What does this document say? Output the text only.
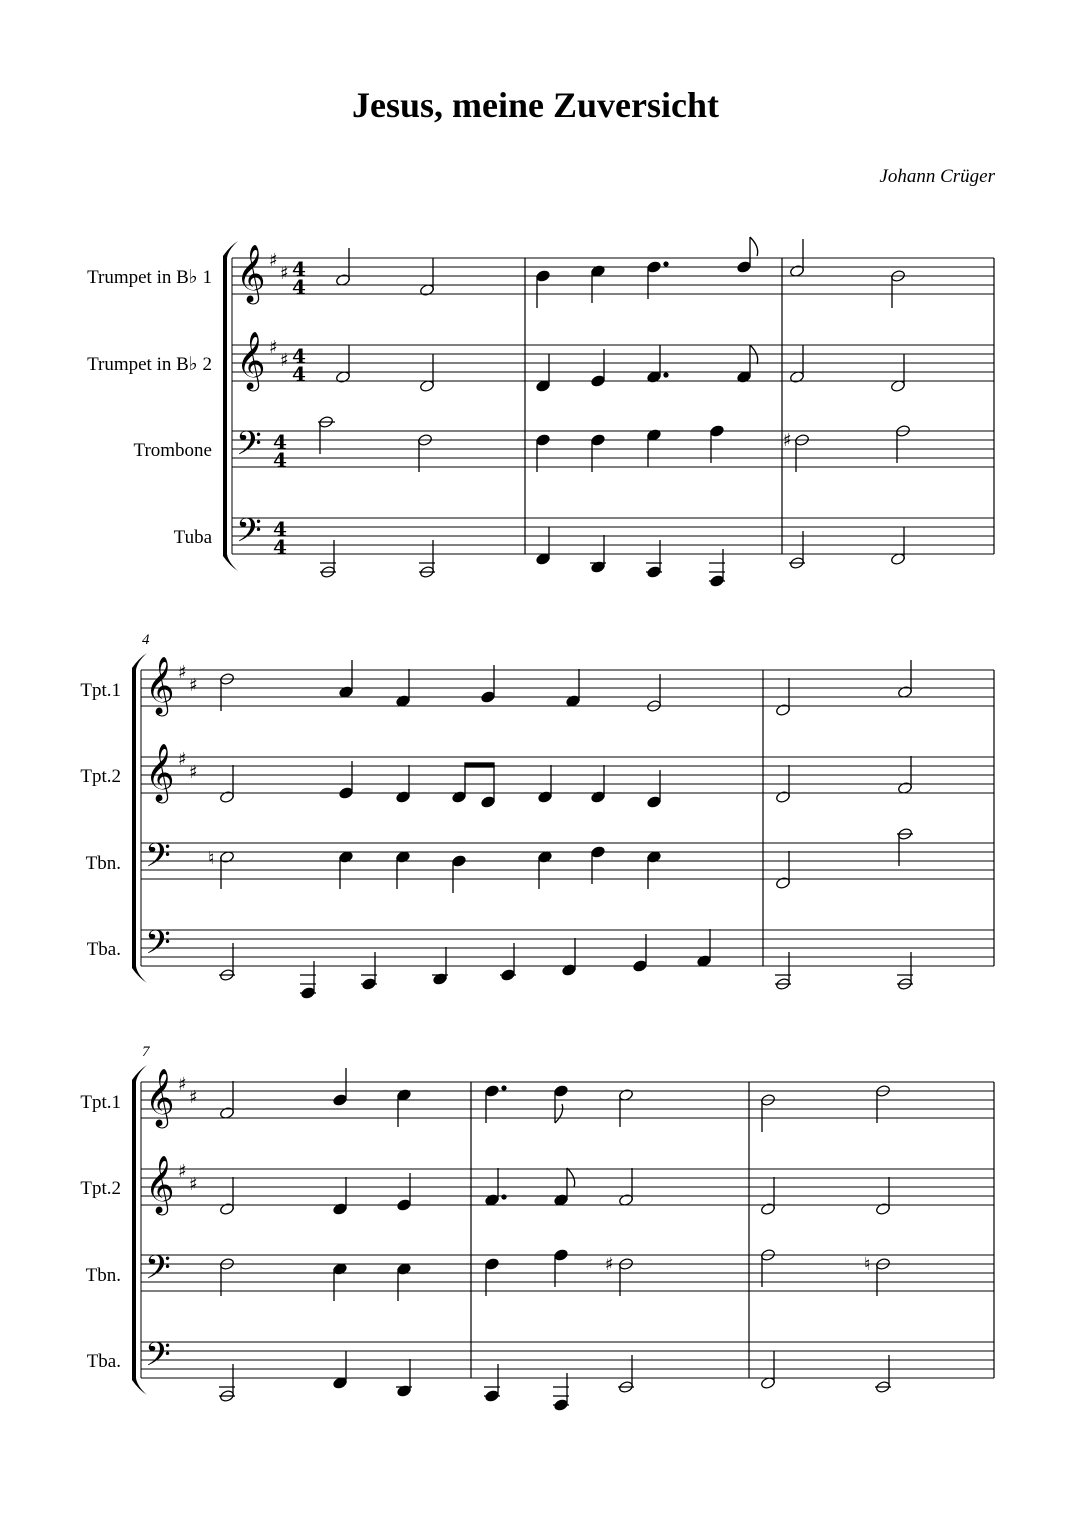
Jesus, meine Zuversicht
Johann Crüger
Trumpet in B♭ 1
Trumpet in B♭ 2
Trombone
Tuba
Tpt.1
Tpt.2
Tbn.
Tba.
Tpt.1
Tpt.2
Tbn.
Tba.
4
7
𝄞
𝄞
𝄢
𝄢
♯
♯
♯
♯
4
4
4
4
4
4
4
4
♯
𝄞
𝄞
𝄢
𝄢
♯
♯
♯
♯
♮
𝄞
𝄞
𝄢
𝄢
♯
♯
♯
♯
♯	♮
